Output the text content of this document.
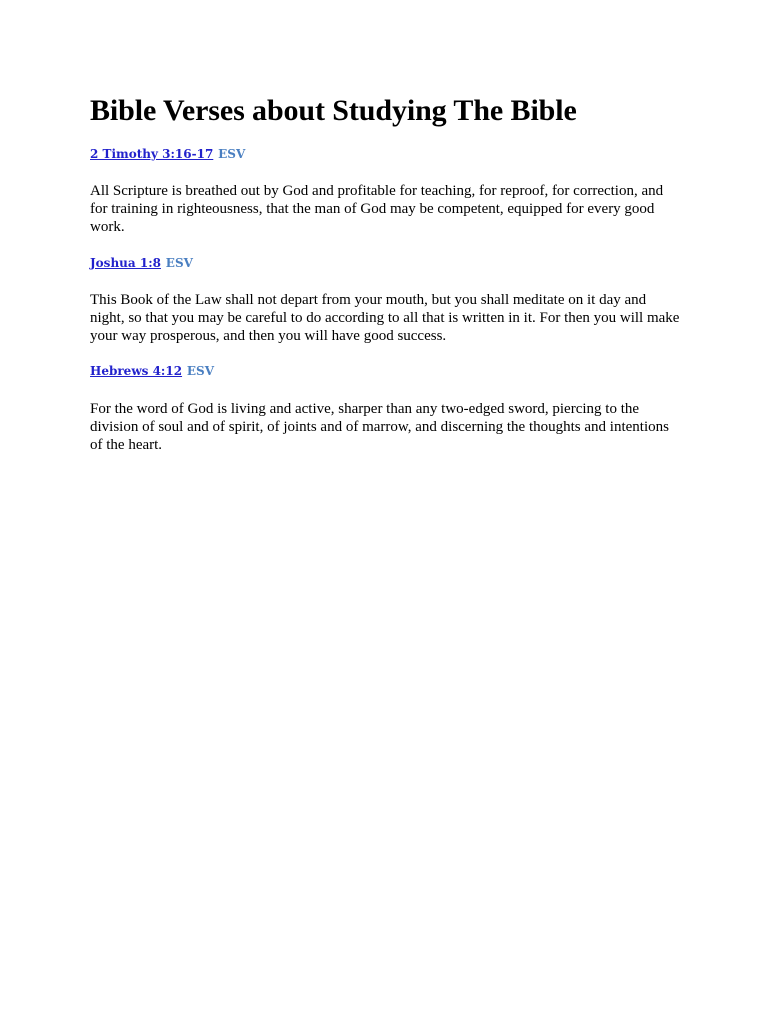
Bible Verses about Studying The Bible

2 Timothy 3:16-17 ESV

All Scripture is breathed out by God and profitable for teaching, for reproof, for correction, and for training in righteousness, that the man of God may be competent, equipped for every good work.

Joshua 1:8 ESV

This Book of the Law shall not depart from your mouth, but you shall meditate on it day and night, so that you may be careful to do according to all that is written in it. For then you will make your way prosperous, and then you will have good success.

Hebrews 4:12 ESV

For the word of God is living and active, sharper than any two-edged sword, piercing to the division of soul and of spirit, of joints and of marrow, and discerning the thoughts and intentions of the heart.
